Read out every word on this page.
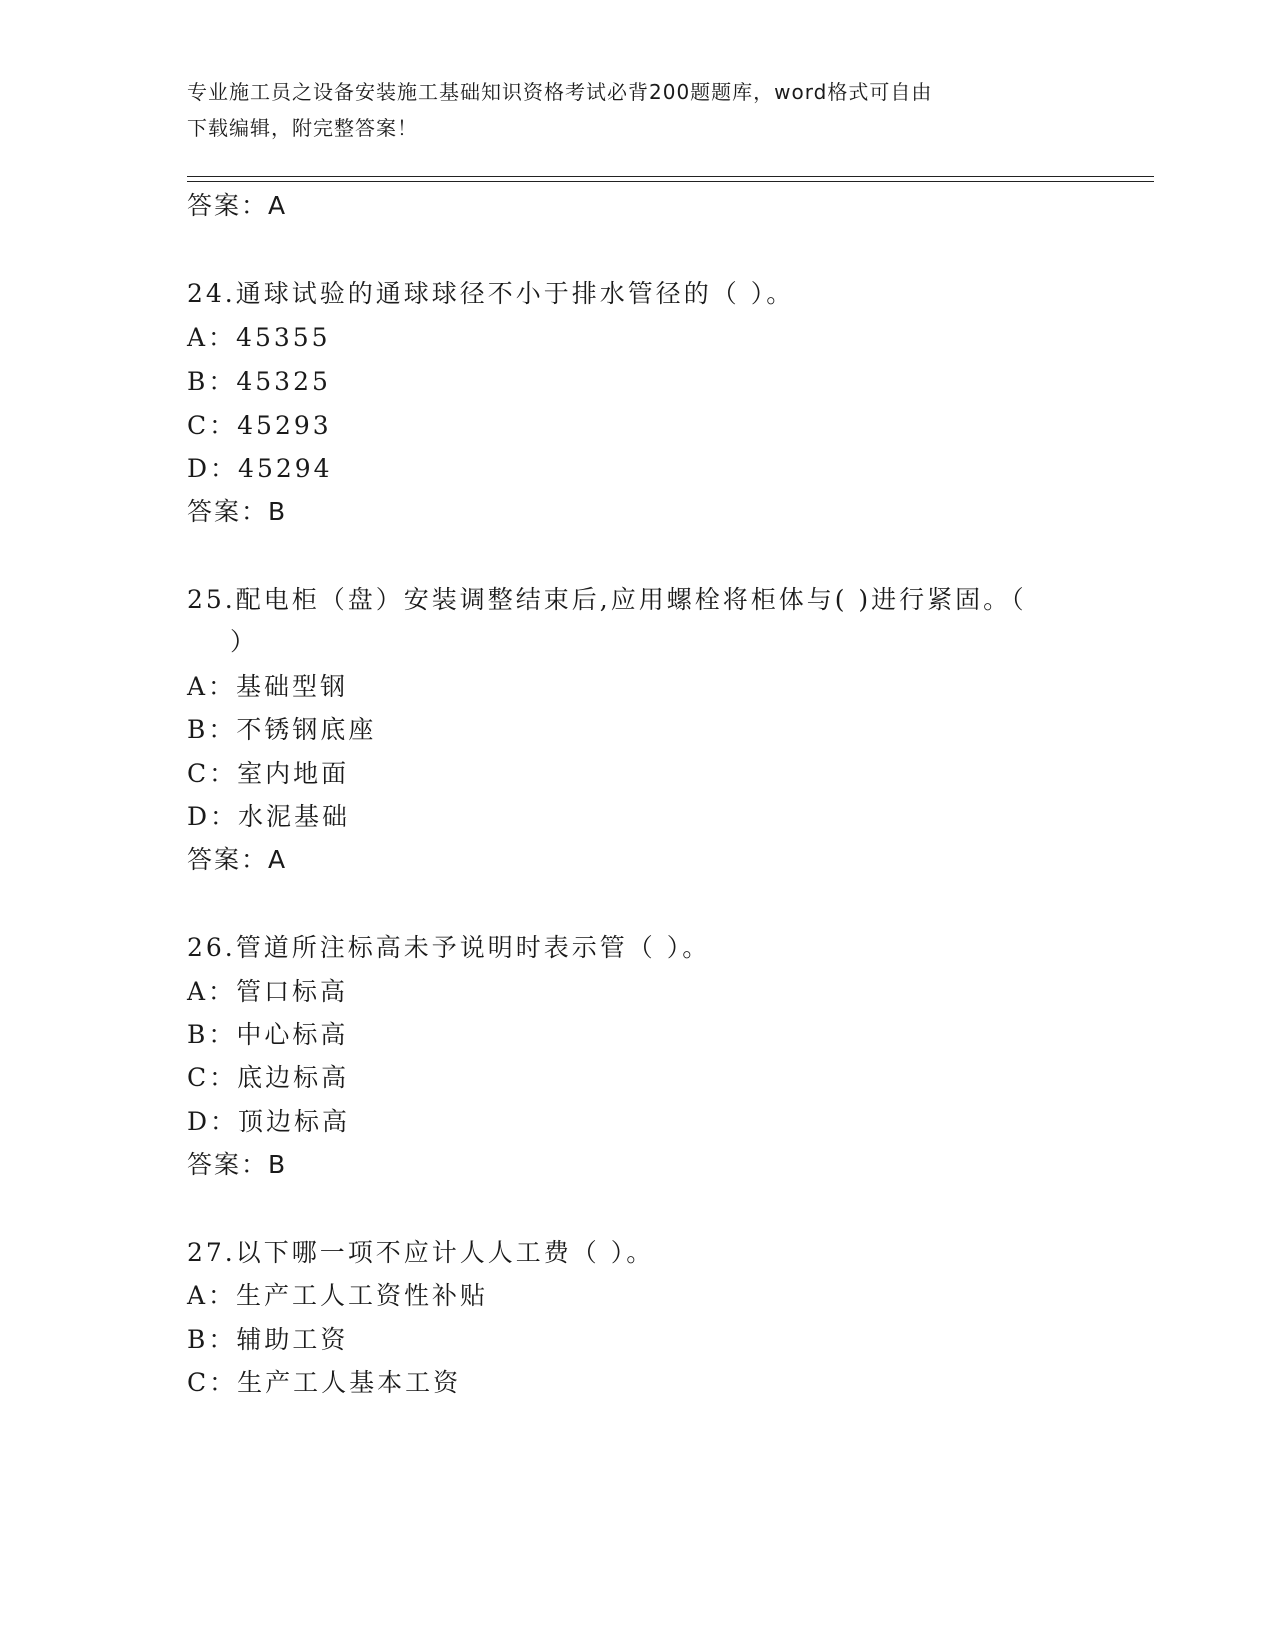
专业施工员之设备安装施工基础知识资格考试必背200题题库，word格式可自由
下载编辑，附完整答案！
答案：A
24.通球试验的通球球径不小于排水管径的（ ）。
A：45355
B：45325
C：45293
D：45294
答案：B
25.配电柜（盘）安装调整结束后,应用螺栓将柜体与( )进行紧固。（
）
A：基础型钢
B：不锈钢底座
C：室内地面
D：水泥基础
答案：A
26.管道所注标高未予说明时表示管（ ）。
A：管口标高
B：中心标高
C：底边标高
D：顶边标高
答案：B
27.以下哪一项不应计人人工费（ ）。
A：生产工人工资性补贴
B：辅助工资
C：生产工人基本工资
